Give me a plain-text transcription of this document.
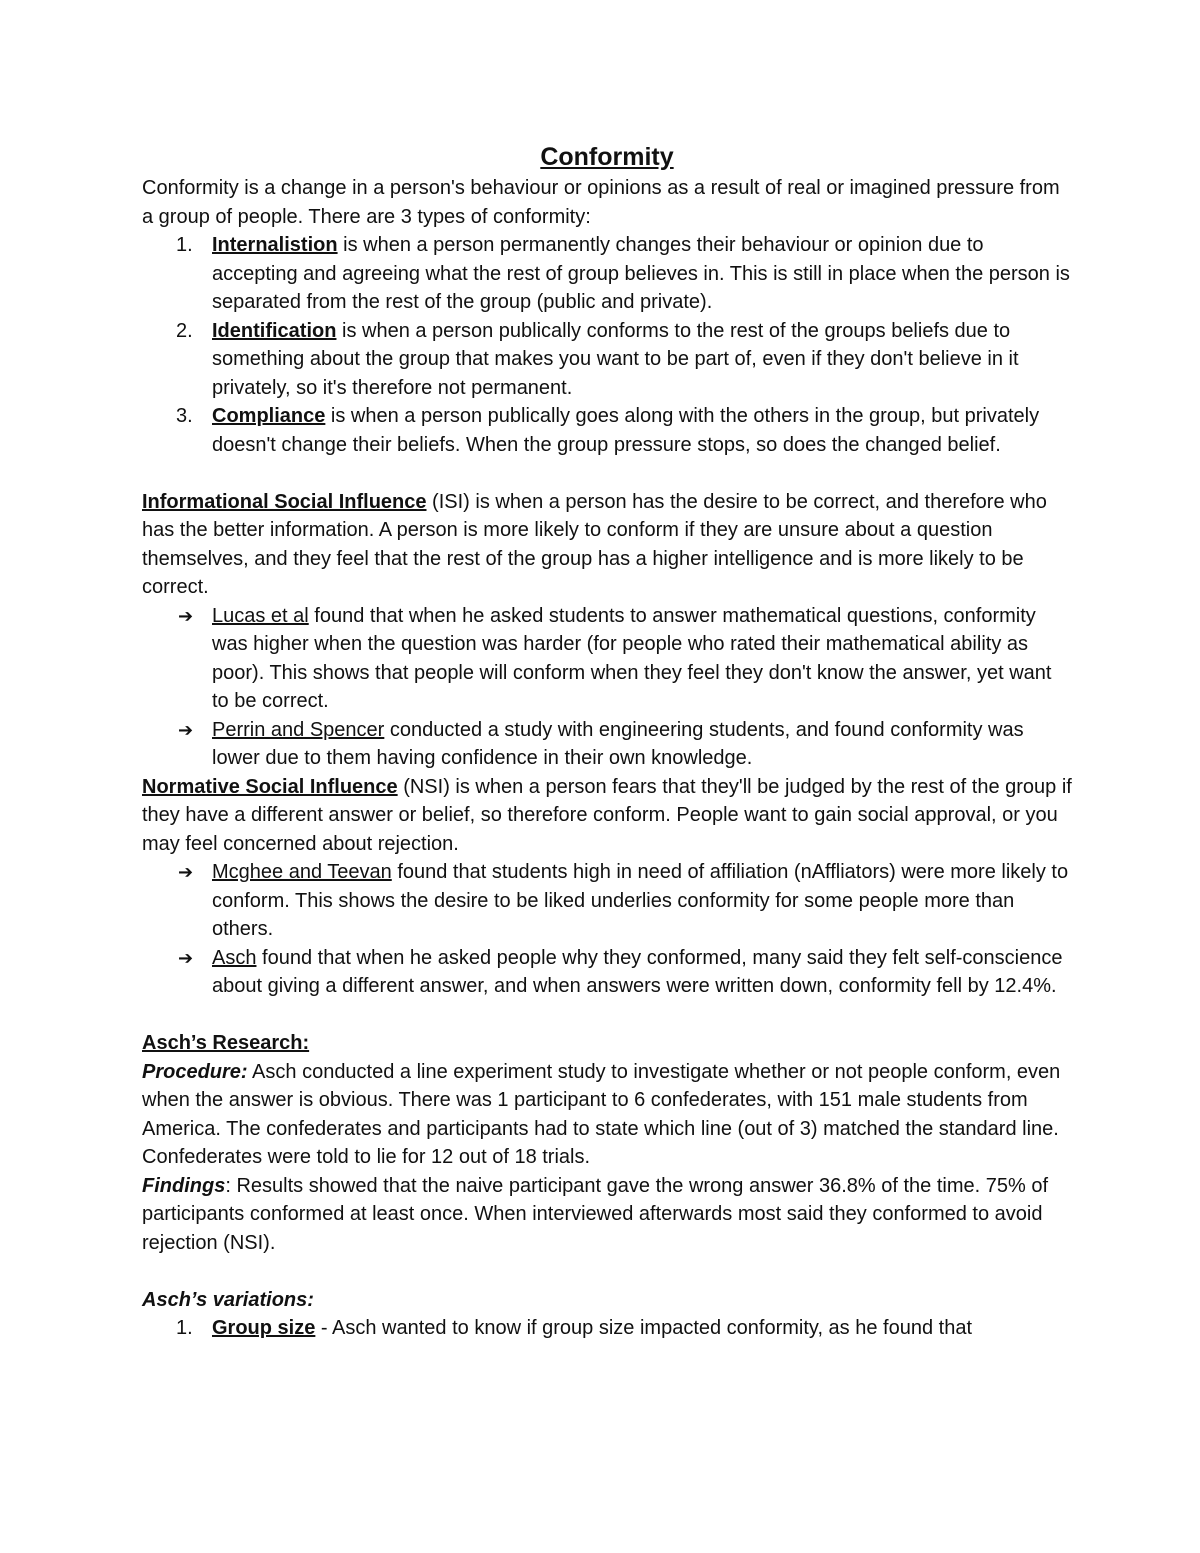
Conformity

Conformity is a change in a person's behaviour or opinions as a result of real or imagined pressure from a group of people. There are 3 types of conformity:

1. Internalistion is when a person permanently changes their behaviour or opinion due to accepting and agreeing what the rest of group believes in. This is still in place when the person is separated from the rest of the group (public and private).
2. Identification is when a person publically conforms to the rest of the groups beliefs due to something about the group that makes you want to be part of, even if they don't believe in it privately, so it's therefore not permanent.
3. Compliance is when a person publically goes along with the others in the group, but privately doesn't change their beliefs. When the group pressure stops, so does the changed belief.

Informational Social Influence (ISI) is when a person has the desire to be correct, and therefore who has the better information. A person is more likely to conform if they are unsure about a question themselves, and they feel that the rest of the group has a higher intelligence and is more likely to be correct.

➔ Lucas et al found that when he asked students to answer mathematical questions, conformity was higher when the question was harder (for people who rated their mathematical ability as poor). This shows that people will conform when they feel they don't know the answer, yet want to be correct.
➔ Perrin and Spencer conducted a study with engineering students, and found conformity was lower due to them having confidence in their own knowledge.

Normative Social Influence (NSI) is when a person fears that they'll be judged by the rest of the group if they have a different answer or belief, so therefore conform. People want to gain social approval, or you may feel concerned about rejection.

➔ Mcghee and Teevan found that students high in need of affiliation (nAffliators) were more likely to conform. This shows the desire to be liked underlies conformity for some people more than others.
➔ Asch found that when he asked people why they conformed, many said they felt self-conscience about giving a different answer, and when answers were written down, conformity fell by 12.4%.

Asch’s Research:

Procedure: Asch conducted a line experiment study to investigate whether or not people conform, even when the answer is obvious. There was 1 participant to 6 confederates, with 151 male students from America. The confederates and participants had to state which line (out of 3) matched the standard line. Confederates were told to lie for 12 out of 18 trials.

Findings: Results showed that the naive participant gave the wrong answer 36.8% of the time. 75% of participants conformed at least once. When interviewed afterwards most said they conformed to avoid rejection (NSI).

Asch’s variations:

1. Group size - Asch wanted to know if group size impacted conformity, as he found that
